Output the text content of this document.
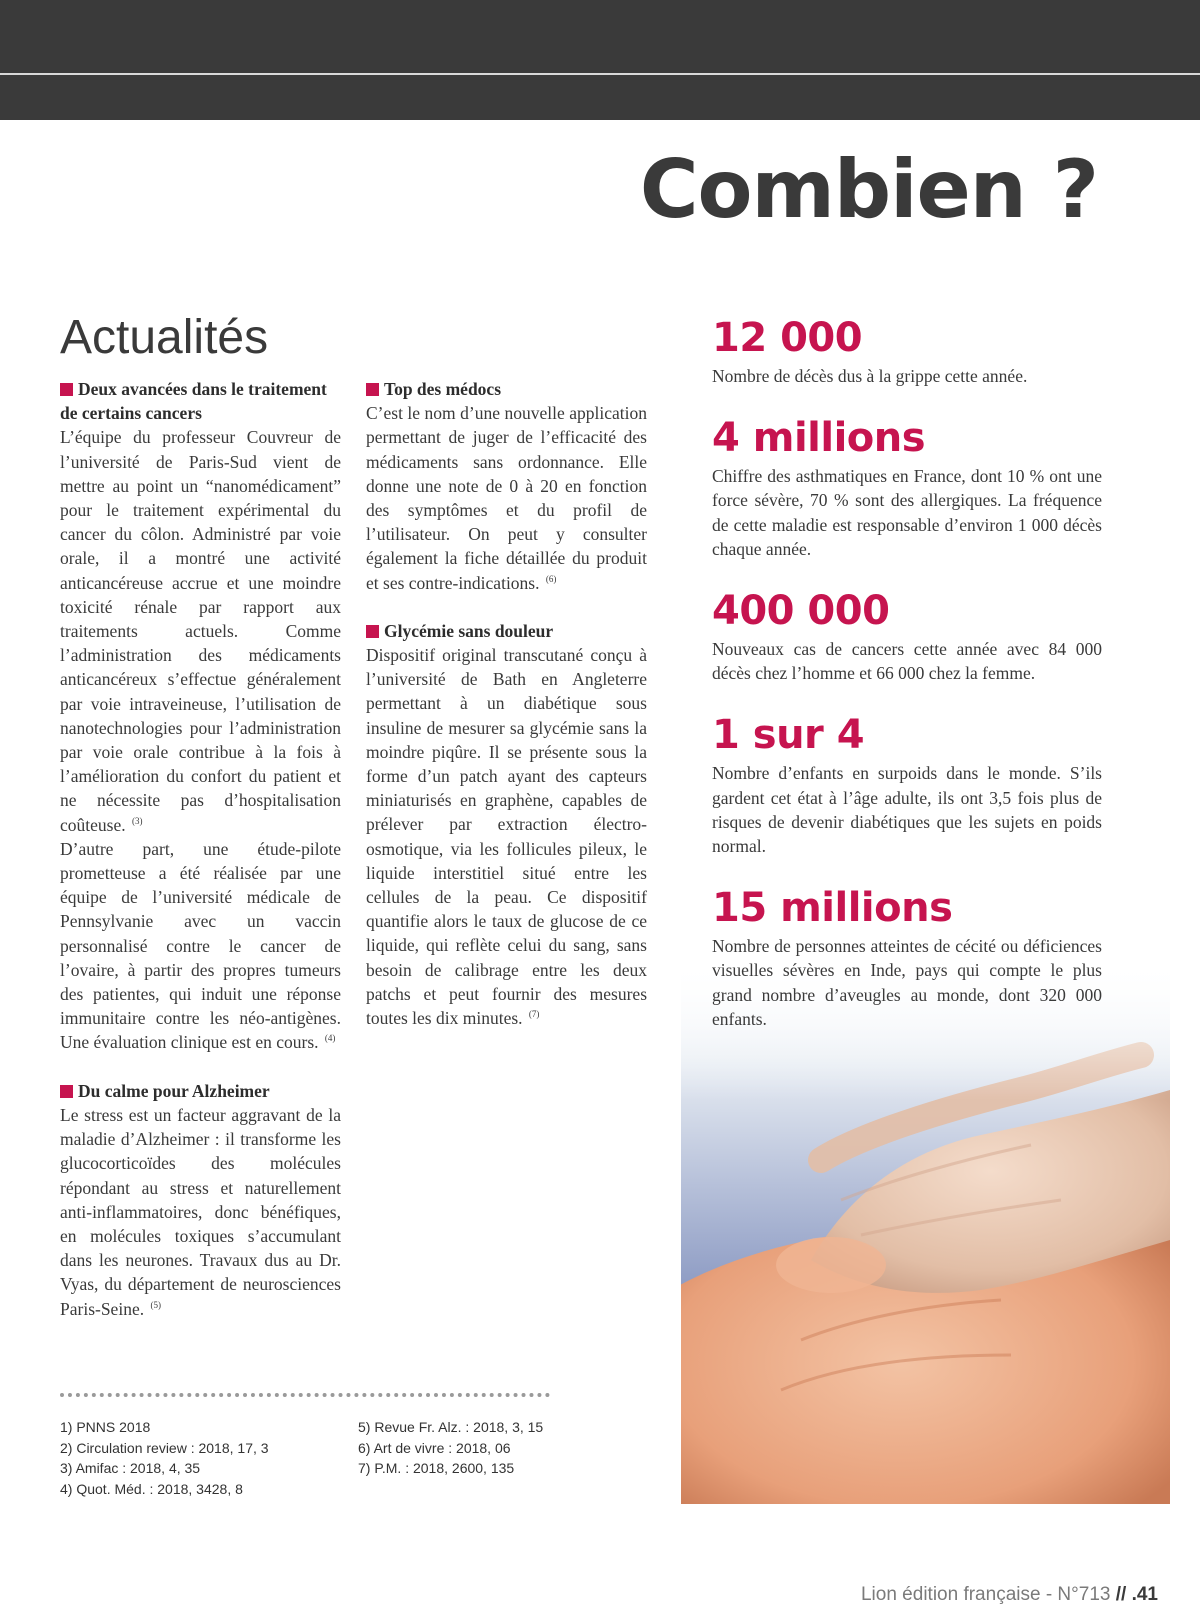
Combien ?
Actualités
Deux avancées dans le traitement de certains cancers

L’équipe du professeur Couvreur de l’université de Paris-Sud vient de mettre au point un “nanomédicament” pour le traitement expérimental du cancer du côlon. Administré par voie orale, il a montré une activité anticancéreuse accrue et une moindre toxicité rénale par rapport aux traitements actuels. Comme l’administration des médicaments anticancéreux s’effectue généralement par voie intraveineuse, l’utilisation de nanotechnologies pour l’administration par voie orale contribue à la fois à l’amélioration du confort du patient et ne nécessite pas d’hospitalisation coûteuse. $^{(3)}$

D’autre part, une étude-pilote prometteuse a été réalisée par une équipe de l’université médicale de Pennsylvanie avec un vaccin personnalisé contre le cancer de l’ovaire, à partir des propres tumeurs des patientes, qui induit une réponse immunitaire contre les néo-antigènes. Une évaluation clinique est en cours. $^{(4)}$

Du calme pour Alzheimer

Le stress est un facteur aggravant de la maladie d’Alzheimer : il transforme les glucocorticoïdes des molécules répondant au stress et naturellement anti-inflammatoires, donc bénéfiques, en molécules toxiques s’accumulant dans les neurones. Travaux dus au Dr. Vyas, du département de neurosciences Paris-Seine. $^{(5)}$

Top des médocs

C’est le nom d’une nouvelle application permettant de juger de l’efficacité des médicaments sans ordonnance. Elle donne une note de 0 à 20 en fonction des symptômes et du profil de l’utilisateur. On peut y consulter également la fiche détaillée du produit et ses contre-indications. $^{(6)}$

Glycémie sans douleur

Dispositif original transcutané conçu à l’université de Bath en Angleterre permettant à un diabétique sous insuline de mesurer sa glycémie sans la moindre piqûre. Il se présente sous la forme d’un patch ayant des capteurs miniaturisés en graphène, capables de prélever par extraction électro-osmotique, via les follicules pileux, le liquide interstitiel situé entre les cellules de la peau. Ce dispositif quantifie alors le taux de glucose de ce liquide, qui reflète celui du sang, sans besoin de calibrage entre les deux patchs et peut fournir des mesures toutes les dix minutes. $^{(7)}$

12 000
Nombre de décès dus à la grippe cette année.
4 millions
Chiffre des asthmatiques en France, dont 10 % ont une force sévère, 70 % sont des allergiques. La fréquence de cette maladie est responsable d’environ 1 000 décès chaque année.
400 000
Nouveaux cas de cancers cette année avec 84 000 décès chez l’homme et 66 000 chez la femme.
1 sur 4
Nombre d’enfants en surpoids dans le monde. S’ils gardent cet état à l’âge adulte, ils ont 3,5 fois plus de risques de devenir diabétiques que les sujets en poids normal.
15 millions
Nombre de personnes atteintes de cécité ou déficiences visuelles sévères en Inde, pays qui compte le plus grand nombre d’aveugles au monde, dont 320 000 enfants.
1) PNNS 2018
2) Circulation review : 2018, 17, 3
3) Amifac : 2018, 4, 35
4) Quot. Méd. : 2018, 3428, 8
5) Revue Fr. Alz. : 2018, 3, 15
6) Art de vivre : 2018, 06
7) P.M. : 2018, 2600, 135
Lion édition française - N°713 // .41
